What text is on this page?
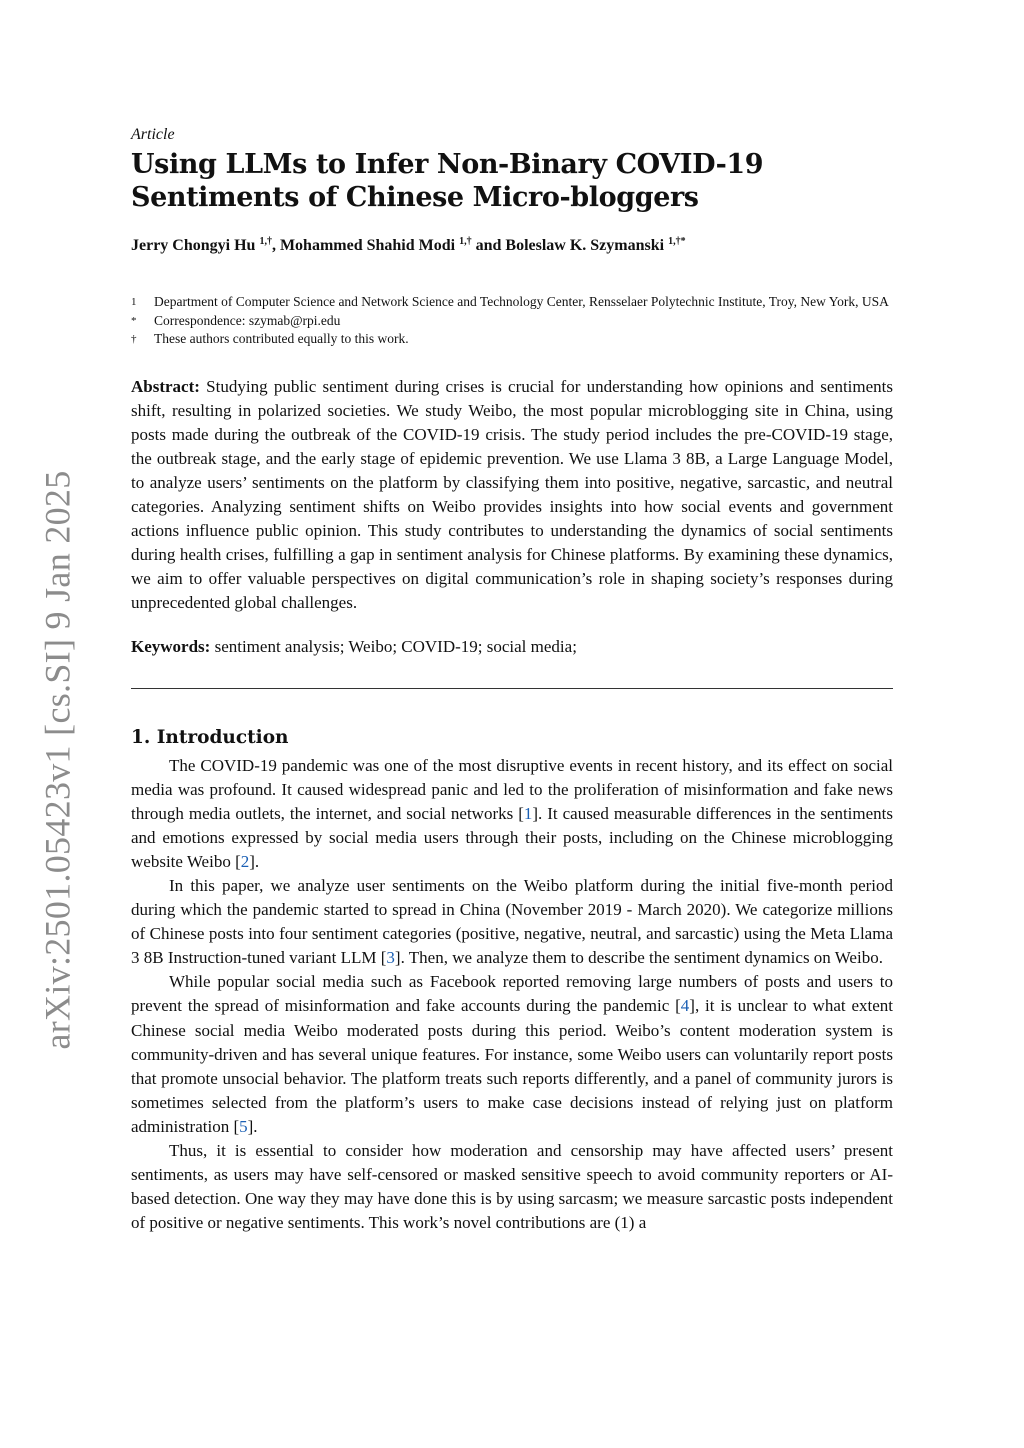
arXiv:2501.05423v1 [cs.SI] 9 Jan 2025
Article
Using LLMs to Infer Non-Binary COVID-19 Sentiments of Chinese Micro-bloggers
Jerry Chongyi Hu $^{1,\dagger}$, Mohammed Shahid Modi $^{1,\dagger}$ and Boleslaw K. Szymanski $^{1,\dagger*}$
1	Department of Computer Science and Network Science and Technology Center, Rensselaer Polytechnic Institute, Troy, New York, USA
*	Correspondence: szymab@rpi.edu
†	These authors contributed equally to this work.

Abstract: Studying public sentiment during crises is crucial for understanding how opinions and sentiments shift, resulting in polarized societies. We study Weibo, the most popular microblogging site in China, using posts made during the outbreak of the COVID-19 crisis. The study period includes the pre-COVID-19 stage, the outbreak stage, and the early stage of epidemic prevention. We use Llama 3 8B, a Large Language Model, to analyze users’ sentiments on the platform by classifying them into positive, negative, sarcastic, and neutral categories. Analyzing sentiment shifts on Weibo provides insights into how social events and government actions influence public opinion. This study contributes to understanding the dynamics of social sentiments during health crises, fulfilling a gap in sentiment analysis for Chinese platforms. By examining these dynamics, we aim to offer valuable perspectives on digital communication’s role in shaping society’s responses during unprecedented global challenges.

Keywords: sentiment analysis; Weibo; COVID-19; social media;

1. Introduction

The COVID-19 pandemic was one of the most disruptive events in recent history, and its effect on social media was profound. It caused widespread panic and led to the proliferation of misinformation and fake news through media outlets, the internet, and social networks [1]. It caused measurable differences in the sentiments and emotions expressed by social media users through their posts, including on the Chinese microblogging website Weibo [2].

In this paper, we analyze user sentiments on the Weibo platform during the initial five-month period during which the pandemic started to spread in China (November 2019 - March 2020). We categorize millions of Chinese posts into four sentiment categories (positive, negative, neutral, and sarcastic) using the Meta Llama 3 8B Instruction-tuned variant LLM [3]. Then, we analyze them to describe the sentiment dynamics on Weibo.

While popular social media such as Facebook reported removing large numbers of posts and users to prevent the spread of misinformation and fake accounts during the pandemic [4], it is unclear to what extent Chinese social media Weibo moderated posts during this period. Weibo’s content moderation system is community-driven and has several unique features. For instance, some Weibo users can voluntarily report posts that promote unsocial behavior. The platform treats such reports differently, and a panel of community jurors is sometimes selected from the platform’s users to make case decisions instead of relying just on platform administration [5].

Thus, it is essential to consider how moderation and censorship may have affected users’ present sentiments, as users may have self-censored or masked sensitive speech to avoid community reporters or AI-based detection. One way they may have done this is by using sarcasm; we measure sarcastic posts independent of positive or negative sentiments. This work’s novel contributions are (1) a
